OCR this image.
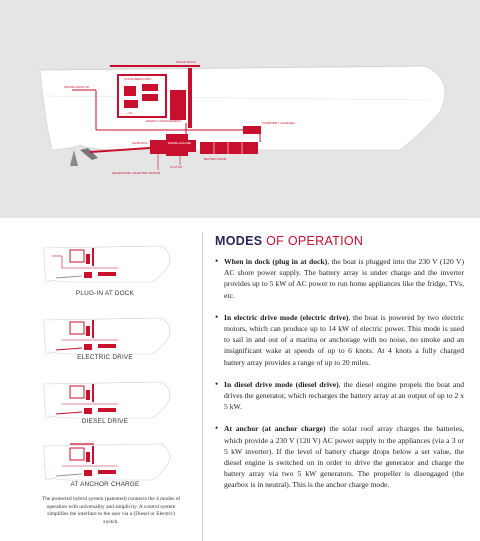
SOLAR ROOF
SHORE HOOK-UP
CONSUMERS 230V
~ AC
ENERGY MANAGEMENT	INVERTER / CHARGER
GEAR BOX	DIESEL ENGINE
BATTERY BANK
CLUTCH
GENERATOR / ELECTRIC MOTOR
PLUG-IN AT DOCK
ELECTRIC DRIVE
DIESEL DRIVE
AT ANCHOR CHARGE
The protected hybrid system (patented) connects the 4 modes of operation with universality and simplicity. A control system simplifies the interface to the user via a (Diesel or Electric) switch.
MODES OF OPERATION
• When in dock (plug in at dock), the boat is plugged into the 230 V (120 V) AC shore power supply. The battery array is under charge and the inverter provides up to 5 kW of AC power to run home appliances like the fridge, TVs, etc.
• In electric drive mode (electric drive), the boat is powered by two electric motors, which can produce up to 14 kW of electric power. This mode is used to sail in and out of a marina or anchorage with no noise, no smoke and an insignificant wake at speeds of up to 6 knots. At 4 knots a fully charged battery array provides a range of up to 20 miles.
• In diesel drive mode (diesel drive), the diesel engine propels the boat and drives the generator, which recharges the battery array at an output of up to 2 x 5 kW.
• At anchor (at anchor charge) the solar roof array charges the batteries, which provide a 230 V (120 V) AC power supply to the appliances (via a 3 or 5 kW inverter). If the level of battery charge drops below a set value, the diesel engine is switched on in order to drive the generator and charge the battery array via two 5 kW generators. The propeller is disengaged (the gearbox is in neutral). This is the anchor charge mode.
